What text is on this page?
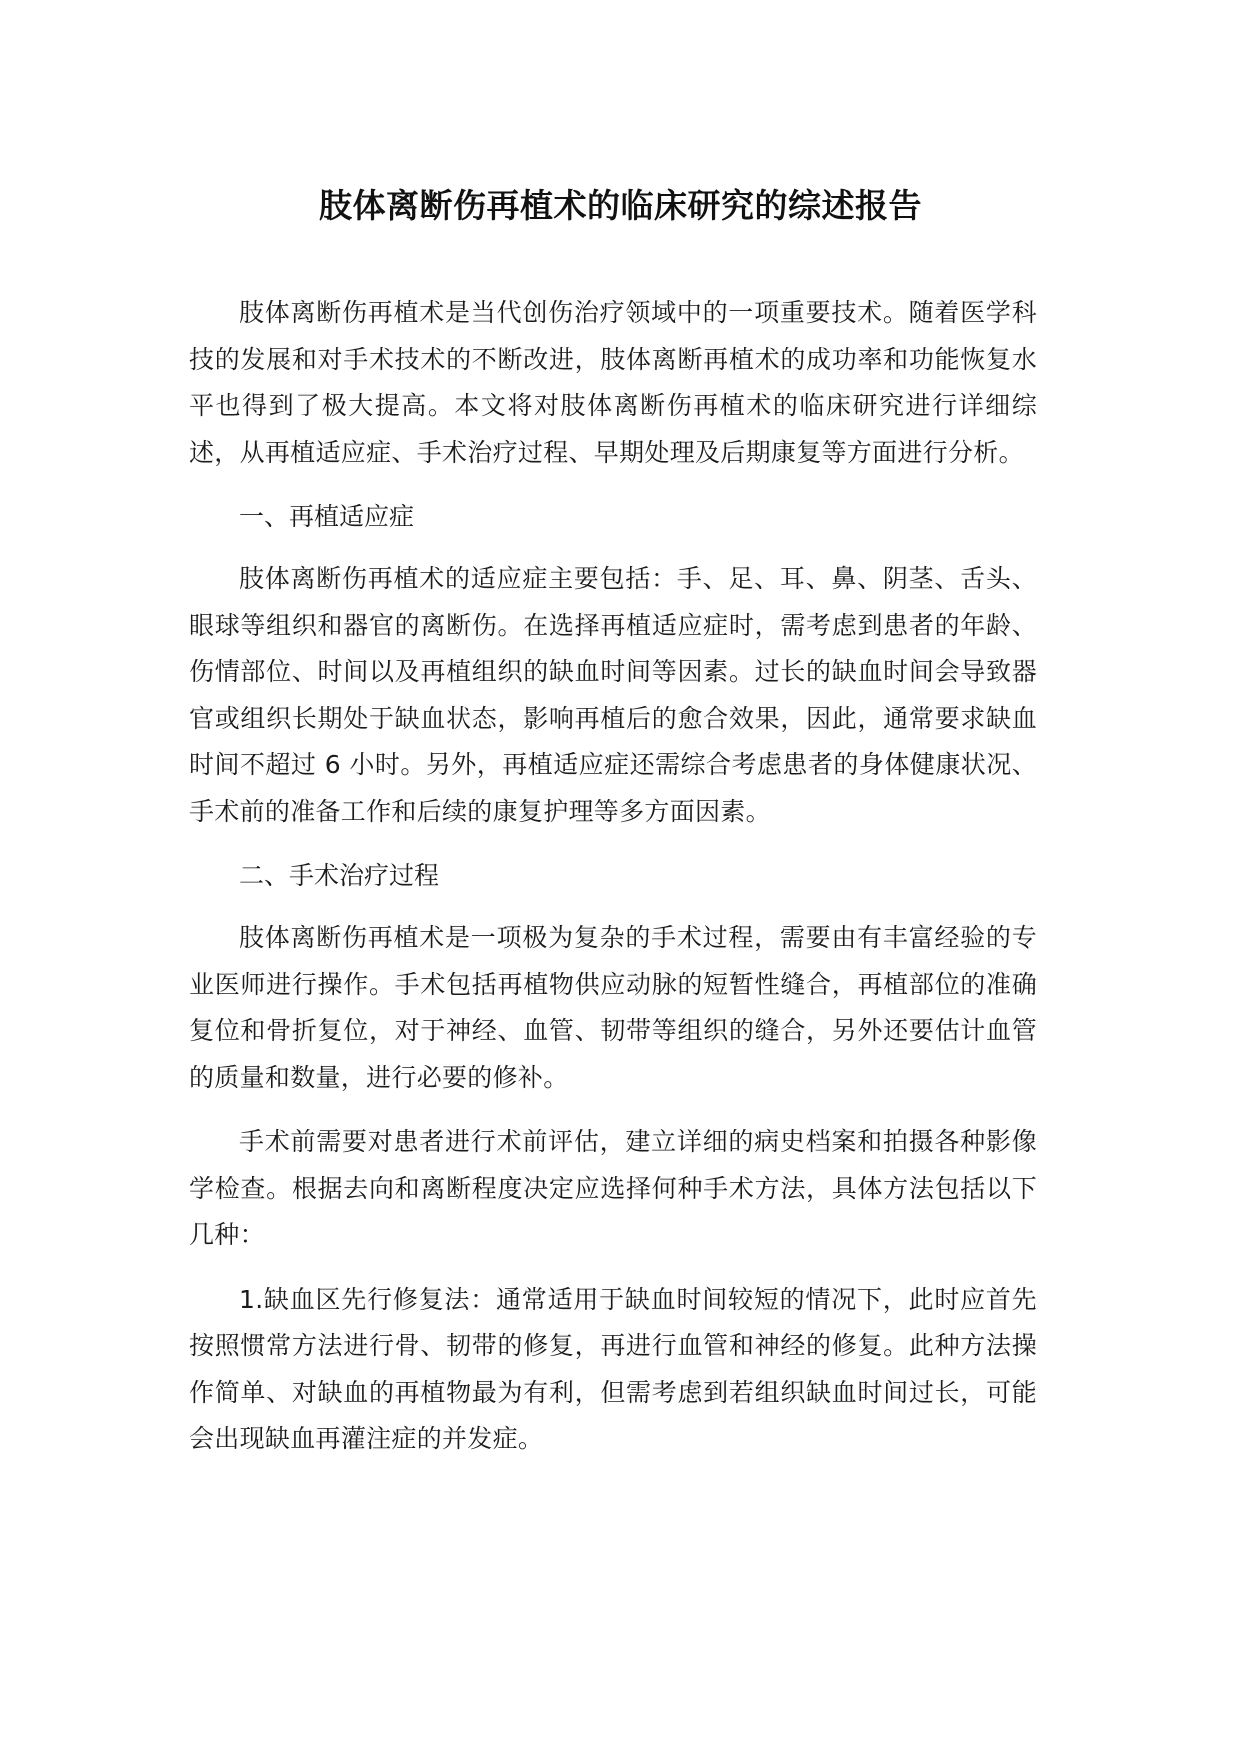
肢体离断伤再植术的临床研究的综述报告

肢体离断伤再植术是当代创伤治疗领域中的一项重要技术。随着医学科技的发展和对手术技术的不断改进，肢体离断再植术的成功率和功能恢复水平也得到了极大提高。本文将对肢体离断伤再植术的临床研究进行详细综述，从再植适应症、手术治疗过程、早期处理及后期康复等方面进行分析。

一、再植适应症

肢体离断伤再植术的适应症主要包括：手、足、耳、鼻、阴茎、舌头、眼球等组织和器官的离断伤。在选择再植适应症时，需考虑到患者的年龄、伤情部位、时间以及再植组织的缺血时间等因素。过长的缺血时间会导致器官或组织长期处于缺血状态，影响再植后的愈合效果，因此，通常要求缺血时间不超过 6 小时。另外，再植适应症还需综合考虑患者的身体健康状况、手术前的准备工作和后续的康复护理等多方面因素。

二、手术治疗过程

肢体离断伤再植术是一项极为复杂的手术过程，需要由有丰富经验的专业医师进行操作。手术包括再植物供应动脉的短暂性缝合，再植部位的准确复位和骨折复位，对于神经、血管、韧带等组织的缝合，另外还要估计血管的质量和数量，进行必要的修补。

手术前需要对患者进行术前评估，建立详细的病史档案和拍摄各种影像学检查。根据去向和离断程度决定应选择何种手术方法，具体方法包括以下几种：

1.缺血区先行修复法：通常适用于缺血时间较短的情况下，此时应首先按照惯常方法进行骨、韧带的修复，再进行血管和神经的修复。此种方法操作简单、对缺血的再植物最为有利，但需考虑到若组织缺血时间过长，可能会出现缺血再灌注症的并发症。
